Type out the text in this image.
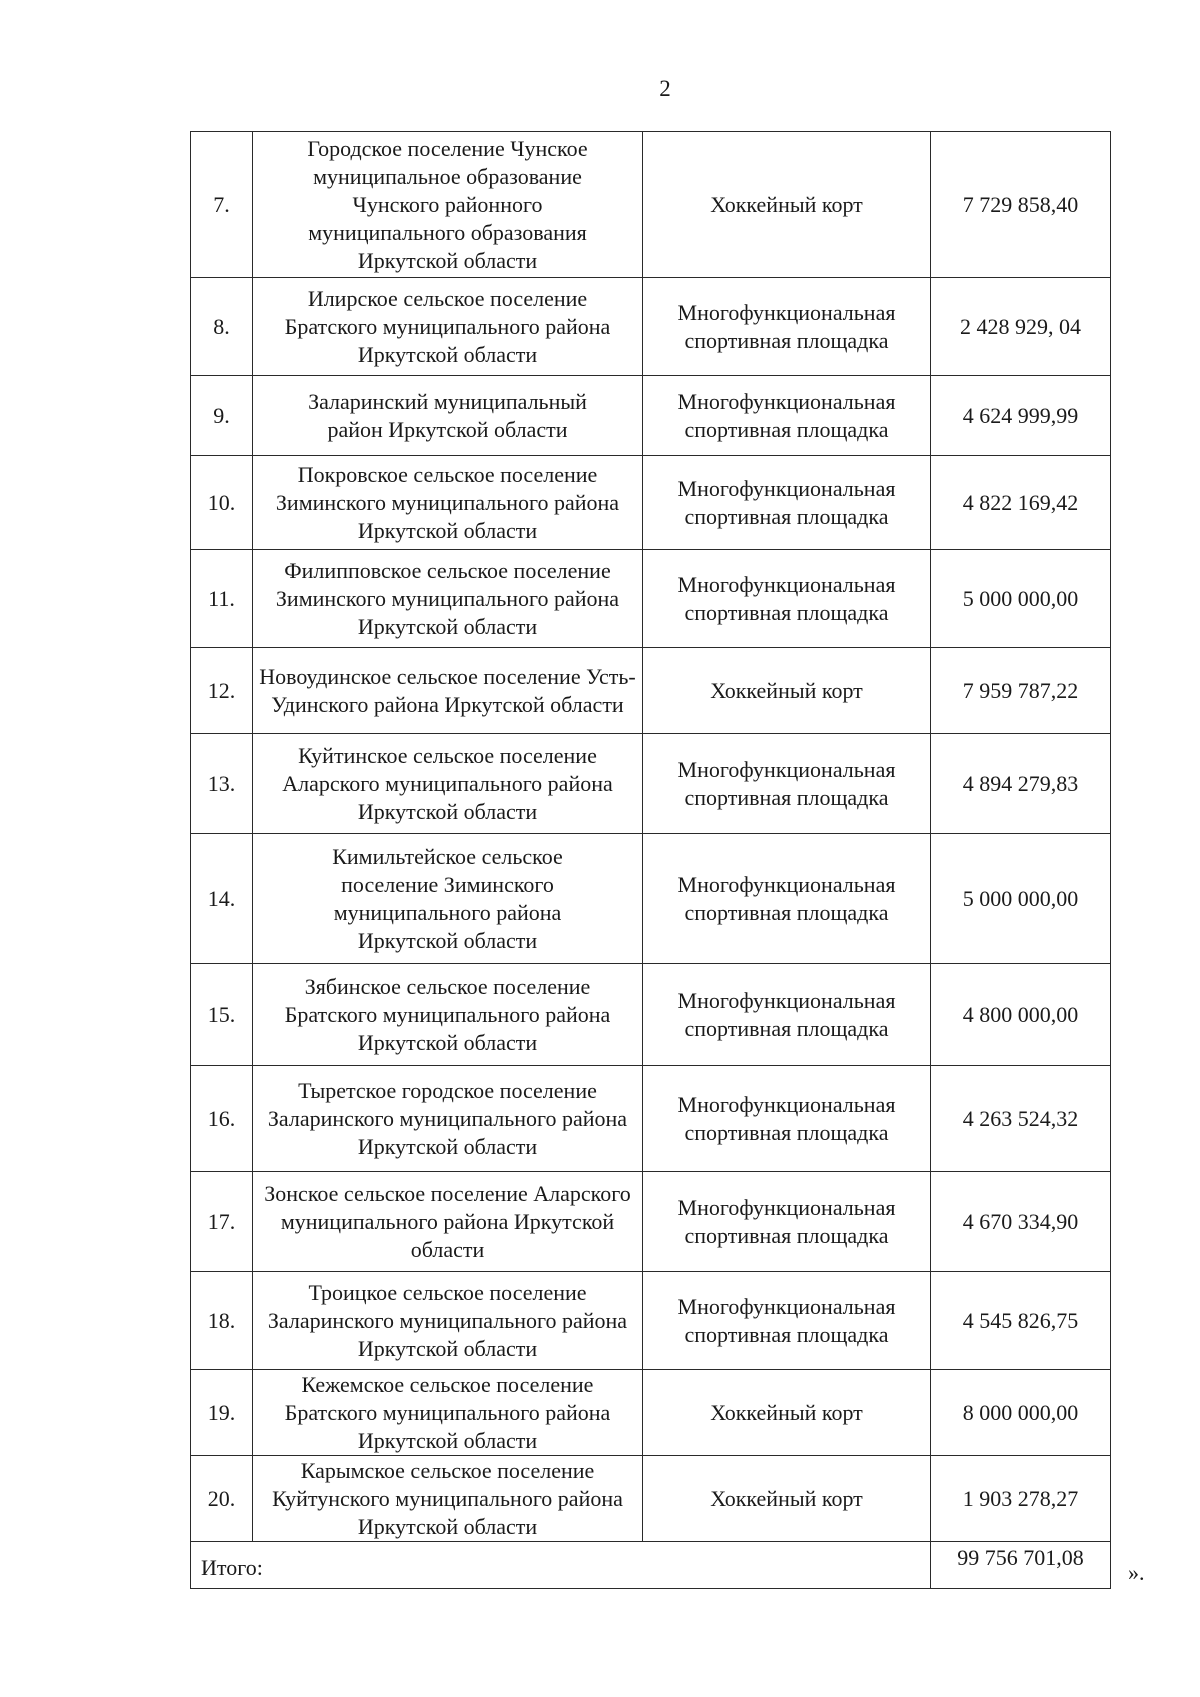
2
7.	Городское поселение Чунское муниципальное образование Чунского районного муниципального образования Иркутской области	Хоккейный корт	7 729 858,40
8.	Илирское сельское поселение Братского муниципального района Иркутской области	Многофункциональная спортивная площадка	2 428 929, 04
9.	Заларинский муниципальный район Иркутской области	Многофункциональная спортивная площадка	4 624 999,99
10.	Покровское сельское поселение Зиминского муниципального района Иркутской области	Многофункциональная спортивная площадка	4 822 169,42
11.	Филипповское сельское поселение Зиминского муниципального района Иркутской области	Многофункциональная спортивная площадка	5 000 000,00
12.	Новоудинское сельское поселение Усть-Удинского района Иркутской области	Хоккейный корт	7 959 787,22
13.	Куйтинское сельское поселение Аларского муниципального района Иркутской области	Многофункциональная спортивная площадка	4 894 279,83
14.	Кимильтейское сельское поселение Зиминского муниципального района Иркутской области	Многофункциональная спортивная площадка	5 000 000,00
15.	Зябинское сельское поселение Братского муниципального района Иркутской области	Многофункциональная спортивная площадка	4 800 000,00
16.	Тыретское городское поселение Заларинского муниципального района Иркутской области	Многофункциональная спортивная площадка	4 263 524,32
17.	Зонское сельское поселение Аларского муниципального района Иркутской области	Многофункциональная спортивная площадка	4 670 334,90
18.	Троицкое сельское поселение Заларинского муниципального района Иркутской области	Многофункциональная спортивная площадка	4 545 826,75
19.	Кежемское сельское поселение Братского муниципального района Иркутской области	Хоккейный корт	8 000 000,00
20.	Карымское сельское поселение Куйтунского муниципального района Иркутской области	Хоккейный корт	1 903 278,27
Итого:			99 756 701,08
».
